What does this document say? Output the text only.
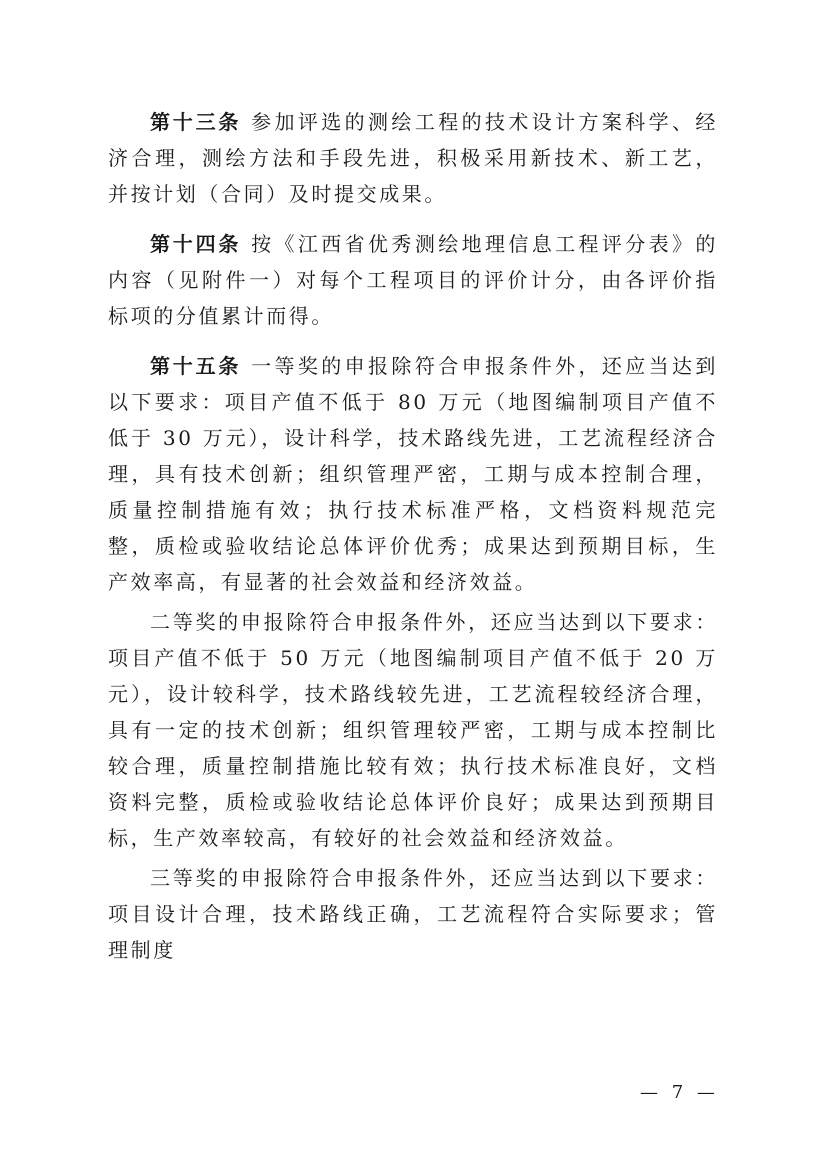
第十三条 参加评选的测绘工程的技术设计方案科学、经济合理，测绘方法和手段先进，积极采用新技术、新工艺，并按计划（合同）及时提交成果。

第十四条 按《江西省优秀测绘地理信息工程评分表》的内容（见附件一）对每个工程项目的评价计分，由各评价指标项的分值累计而得。

第十五条 一等奖的申报除符合申报条件外，还应当达到以下要求：项目产值不低于 80 万元（地图编制项目产值不低于 30 万元），设计科学，技术路线先进，工艺流程经济合理，具有技术创新；组织管理严密，工期与成本控制合理，质量控制措施有效；执行技术标准严格，文档资料规范完整，质检或验收结论总体评价优秀；成果达到预期目标，生产效率高，有显著的社会效益和经济效益。

二等奖的申报除符合申报条件外，还应当达到以下要求：项目产值不低于 50 万元（地图编制项目产值不低于 20 万元），设计较科学，技术路线较先进，工艺流程较经济合理，具有一定的技术创新；组织管理较严密，工期与成本控制比较合理，质量控制措施比较有效；执行技术标准良好，文档资料完整，质检或验收结论总体评价良好；成果达到预期目标，生产效率较高，有较好的社会效益和经济效益。

三等奖的申报除符合申报条件外，还应当达到以下要求：项目设计合理，技术路线正确，工艺流程符合实际要求；管理制度

— 7 —
